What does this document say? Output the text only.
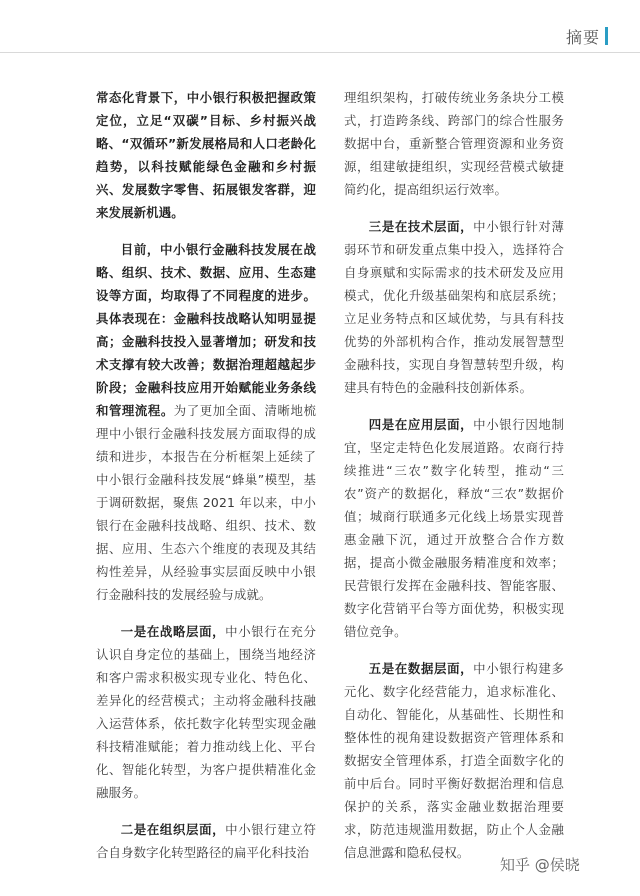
摘要

常态化背景下，中小银行积极把握政策定位，立足“双碳”目标、乡村振兴战略、“双循环”新发展格局和人口老龄化趋势，以科技赋能绿色金融和乡村振兴、发展数字零售、拓展银发客群，迎来发展新机遇。

目前，中小银行金融科技发展在战略、组织、技术、数据、应用、生态建设等方面，均取得了不同程度的进步。具体表现在：金融科技战略认知明显提高；金融科技投入显著增加；研发和技术支撑有较大改善；数据治理超越起步阶段；金融科技应用开始赋能业务条线和管理流程。为了更加全面、清晰地梳理中小银行金融科技发展方面取得的成绩和进步，本报告在分析框架上延续了中小银行金融科技发展“蜂巢”模型，基于调研数据，聚焦 2021 年以来，中小银行在金融科技战略、组织、技术、数据、应用、生态六个维度的表现及其结构性差异，从经验事实层面反映中小银行金融科技的发展经验与成就。

一是在战略层面，中小银行在充分认识自身定位的基础上，围绕当地经济和客户需求积极实现专业化、特色化、差异化的经营模式；主动将金融科技融入运营体系，依托数字化转型实现金融科技精准赋能；着力推动线上化、平台化、智能化转型，为客户提供精准化金融服务。

二是在组织层面，中小银行建立符合自身数字化转型路径的扁平化科技治

理组织架构，打破传统业务条块分工模式，打造跨条线、跨部门的综合性服务数据中台，重新整合管理资源和业务资源，组建敏捷组织，实现经营模式敏捷简约化，提高组织运行效率。

三是在技术层面，中小银行针对薄弱环节和研发重点集中投入，选择符合自身禀赋和实际需求的技术研发及应用模式，优化升级基础架构和底层系统；立足业务特点和区域优势，与具有科技优势的外部机构合作，推动发展智慧型金融科技，实现自身智慧转型升级，构建具有特色的金融科技创新体系。

四是在应用层面，中小银行因地制宜，坚定走特色化发展道路。农商行持续推进“三农”数字化转型，推动“三农”资产的数据化，释放“三农”数据价值；城商行联通多元化线上场景实现普惠金融下沉，通过开放整合合作方数据，提高小微金融服务精准度和效率；民营银行发挥在金融科技、智能客服、数字化营销平台等方面优势，积极实现错位竞争。

五是在数据层面，中小银行构建多元化、数字化经营能力，追求标准化、自动化、智能化，从基础性、长期性和整体性的视角建设数据资产管理体系和数据安全管理体系，打造全面数字化的前中后台。同时平衡好数据治理和信息保护的关系，落实金融业数据治理要求，防范违规滥用数据，防止个人金融信息泄露和隐私侵权。

知乎 @侯晓
